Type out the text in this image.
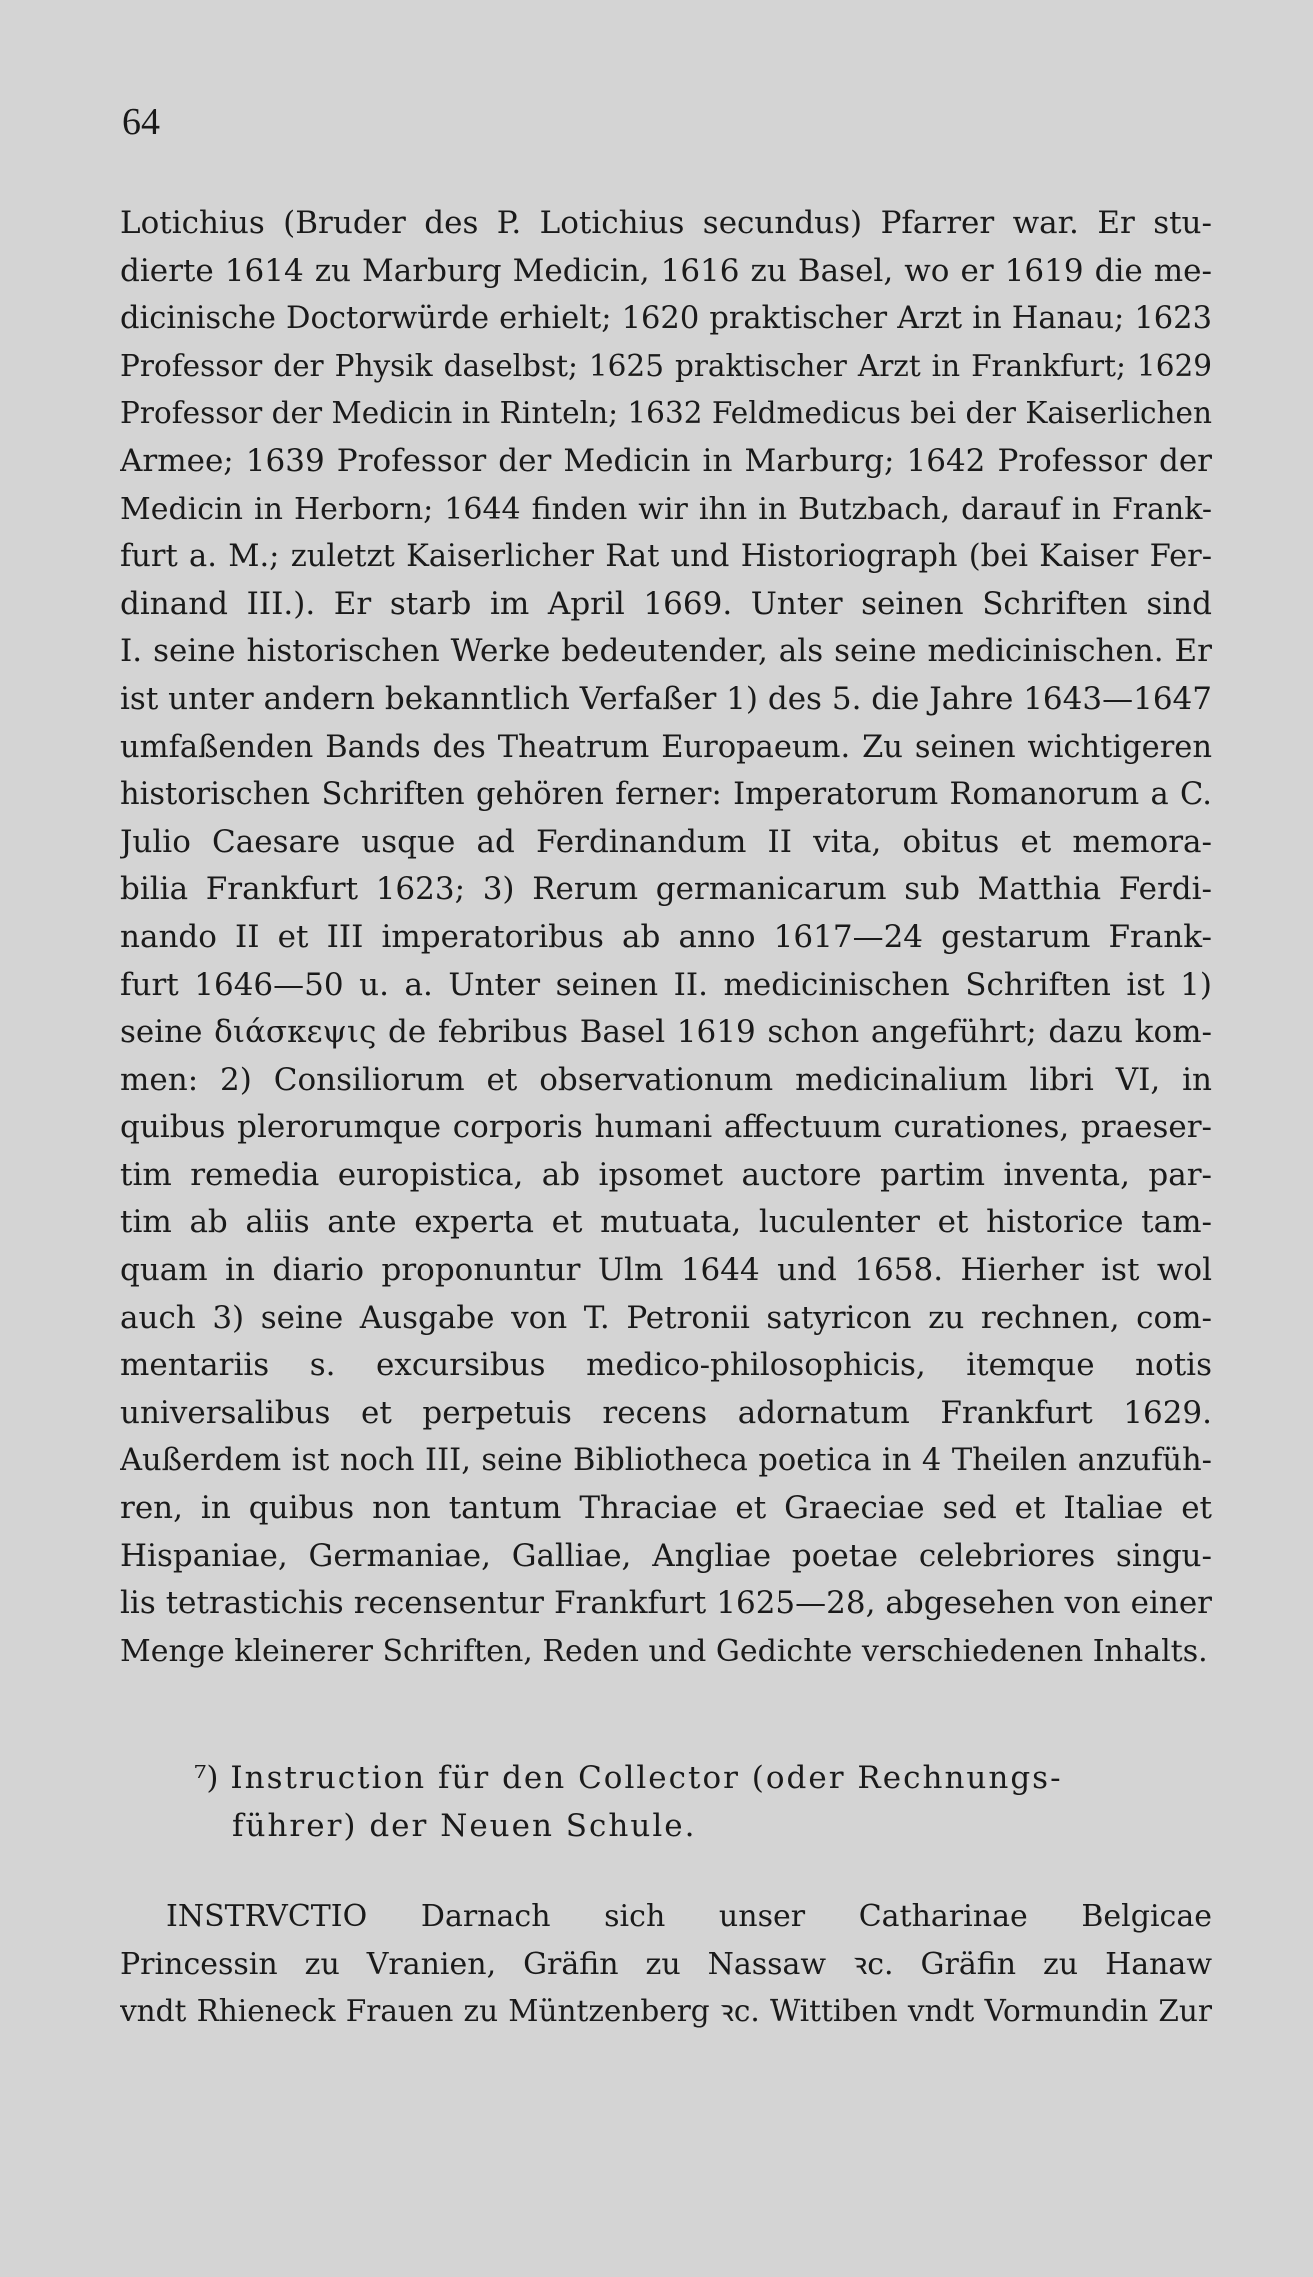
64
Lotichius (Bruder des P. Lotichius secundus) Pfarrer war. Er stu-
dierte 1614 zu Marburg Medicin, 1616 zu Basel, wo er 1619 die me-
dicinische Doctorwürde erhielt; 1620 praktischer Arzt in Hanau; 1623
Professor der Physik daselbst; 1625 praktischer Arzt in Frankfurt; 1629
Professor der Medicin in Rinteln; 1632 Feldmedicus bei der Kaiserlichen
Armee; 1639 Professor der Medicin in Marburg; 1642 Professor der
Medicin in Herborn; 1644 finden wir ihn in Butzbach, darauf in Frank-
furt a. M.; zuletzt Kaiserlicher Rat und Historiograph (bei Kaiser Fer-
dinand III.). Er starb im April 1669. Unter seinen Schriften sind
I. seine historischen Werke bedeutender, als seine medicinischen. Er
ist unter andern bekanntlich Verfaßer 1) des 5. die Jahre 1643—1647
umfaßenden Bands des Theatrum Europaeum. Zu seinen wichtigeren
historischen Schriften gehören ferner: Imperatorum Romanorum a C.
Julio Caesare usque ad Ferdinandum II vita, obitus et memora-
bilia Frankfurt 1623; 3) Rerum germanicarum sub Matthia Ferdi-
nando II et III imperatoribus ab anno 1617—24 gestarum Frank-
furt 1646—50 u. a. Unter seinen II. medicinischen Schriften ist 1)
seine διάσκεψις de febribus Basel 1619 schon angeführt; dazu kom-
men: 2) Consiliorum et observationum medicinalium libri VI, in
quibus plerorumque corporis humani affectuum curationes, praeser-
tim remedia europistica, ab ipsomet auctore partim inventa, par-
tim ab aliis ante experta et mutuata, luculenter et historice tam-
quam in diario proponuntur Ulm 1644 und 1658. Hierher ist wol
auch 3) seine Ausgabe von T. Petronii satyricon zu rechnen, com-
mentariis s. excursibus medico-philosophicis, itemque notis
universalibus et perpetuis recens adornatum Frankfurt 1629.
Außerdem ist noch III, seine Bibliotheca poetica in 4 Theilen anzufüh-
ren, in quibus non tantum Thraciae et Graeciae sed et Italiae et
Hispaniae, Germaniae, Galliae, Angliae poetae celebriores singu-
lis tetrastichis recensentur Frankfurt 1625—28, abgesehen von einer
Menge kleinerer Schriften, Reden und Gedichte verschiedenen Inhalts.
⁷) Instruction für den Collector (oder Rechnungs-
führer) der Neuen Schule.
INSTRVCTIO Darnach sich unser Catharinae Belgicae
Princessin zu Vranien, Gräfin zu Nassaw ꝛc. Gräfin zu Hanaw
vndt Rhieneck Frauen zu Müntzenberg ꝛc. Wittiben vndt Vormundin Zur
